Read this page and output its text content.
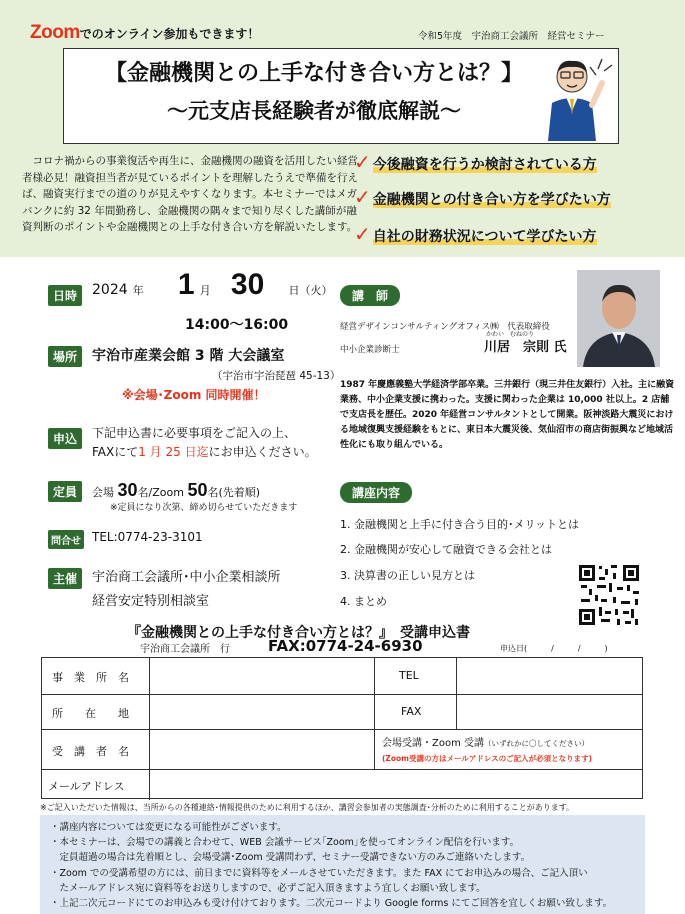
Zoomでのオンライン参加もできます！	令和5年度　宇治商工会議所　経営セミナー
【金融機関との上手な付き合い方とは？】
〜元支店長経験者が徹底解説〜
コロナ禍からの事業復活や再生に、金融機関の融資を活用したい経営者様必見！融資担当者が見ているポイントを理解したうえで準備を行えば、融資実行までの道のりが見えやすくなります。本セミナーではメガバンクに約 32 年間勤務し、金融機関の隅々まで知り尽くした講師が融資判断のポイントや金融機関との上手な付き合い方を解説いたします。
✓ 今後融資を行うか検討されている方
✓ 金融機関との付き合い方を学びたい方
✓ 自社の財務状況について学びたい方
日時	2024 年 1 月 30 日（火）
14:00〜16:00
場所	宇治市産業会館 3 階 大会議室
（宇治市宇治琵琶 45-13）
※会場･Zoom 同時開催！
申込	下記申込書に必要事項をご記入の上、
FAXにて1 月 25 日迄にお申込ください。
定員	会場 30名/Zoom 50名(先着順)
※定員になり次第、締め切らせていただきます
問合せ TEL:0774-23-3101
主催	宇治商工会議所･中小企業相談所
経営安定特別相談室
講　師
経営デザインコンサルティングオフィス㈱　代表取締役
中小企業診断士
かわい　むねのり
川居　宗則 氏
1987 年慶應義塾大学経済学部卒業。三井銀行（現三井住友銀行）入社。主に融資業務、中小企業支援に携わった。支援に関わった企業は 10,000 社以上。2 店舗で支店長を歴任。2020 年経営コンサルタントとして開業。阪神淡路大震災における地域復興支援経験をもとに、東日本大震災後、気仙沼市の商店街振興など地域活性化にも取り組んでいる。
講座内容
1. 金融機関と上手に付き合う目的･メリットとは
2. 金融機関が安心して融資できる会社とは
3. 決算書の正しい見方とは
4. まとめ
『金融機関との上手な付き合い方とは？』　受講申込書
宇治商工会議所　行	FAX:0774-24-6930	申込日(　　　/　　　/　　　)
事　業　所　名	TEL
所　　在　　地	FAX
受　講　者　名
会場受講・Zoom 受講（いずれかに〇してください）
(Zoom受講の方はメールアドレスのご記入が必須となります)
メールアドレス
※ご記入いただいた情報は、当所からの各種連絡･情報提供のために利用するほか、講習会参加者の実態調査･分析のために利用することがあります。
・講座内容については変更になる可能性がございます。
・本セミナーは、会場での講義と合わせて、WEB 会議サービス｢Zoom｣を使ってオンライン配信を行います。
　定員超過の場合は先着順とし、会場受講･Zoom 受講問わず、セミナー受講できない方のみご連絡いたします。
・Zoom での受講希望の方には、前日までに資料等をメールさせていただきます。また FAX にてお申込みの場合、ご記入頂い
　たメールアドレス宛に資料等をお送りしますので、必ずご記入頂きますよう宜しくお願い致します。
・上記二次元コードにてのお申込みも受け付けております。二次元コードより Google forms にてご回答を宜しくお願い致します。
